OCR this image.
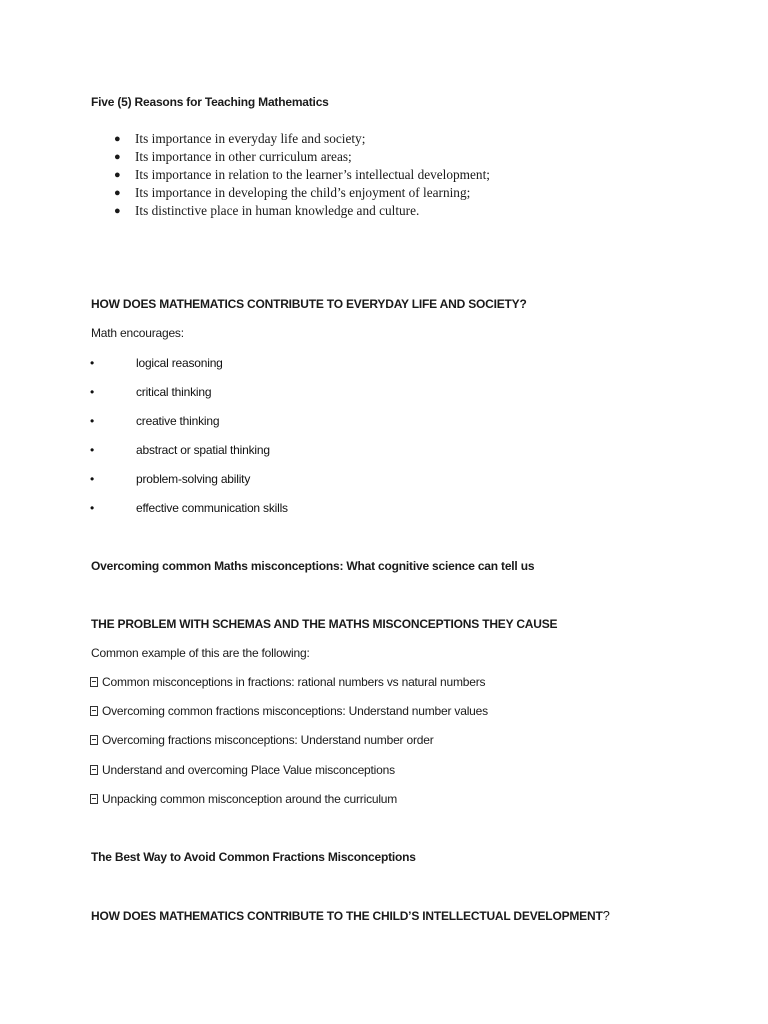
Five (5) Reasons for Teaching Mathematics
● Its importance in everyday life and society;
● Its importance in other curriculum areas;
● Its importance in relation to the learner’s intellectual development;
● Its importance in developing the child’s enjoyment of learning;
● Its distinctive place in human knowledge and culture.
HOW DOES MATHEMATICS CONTRIBUTE TO EVERYDAY LIFE AND SOCIETY?
Math encourages:
•	logical reasoning
•	critical thinking
•	creative thinking
•	abstract or spatial thinking
•	problem-solving ability
•	effective communication skills
Overcoming common Maths misconceptions: What cognitive science can tell us
THE PROBLEM WITH SCHEMAS AND THE MATHS MISCONCEPTIONS THEY CAUSE
Common example of this are the following:
Common misconceptions in fractions: rational numbers vs natural numbers
Overcoming common fractions misconceptions: Understand number values
Overcoming fractions misconceptions: Understand number order
Understand and overcoming Place Value misconceptions
Unpacking common misconception around the curriculum
The Best Way to Avoid Common Fractions Misconceptions
HOW DOES MATHEMATICS CONTRIBUTE TO THE CHILD’S INTELLECTUAL DEVELOPMENT?
